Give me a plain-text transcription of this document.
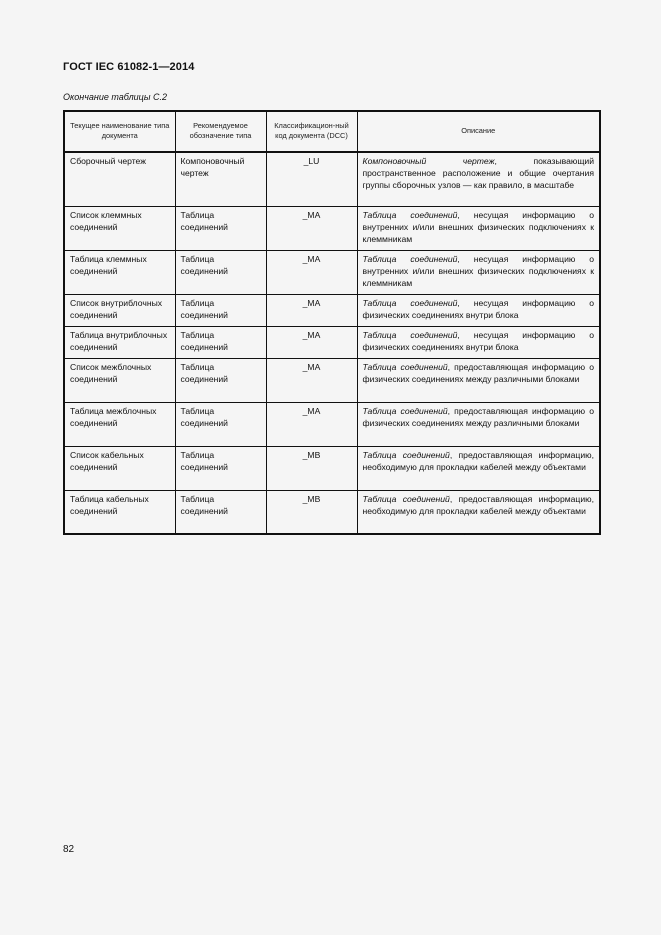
ГОСТ IEC 61082-1—2014
Окончание таблицы С.2
Текущее наименование типа документа	Рекомендуемое обозначение типа	Классификацион-ный код документа (DCC)	Описание
Сборочный чертеж	Компоновочный чертеж	_LU	Компоновочный чертеж, показывающий пространственное расположение и общие очертания группы сборочных узлов — как правило, в масштабе
Список клеммных соединений	Таблица соединений	_MA	Таблица соединений, несущая информацию о внутренних и/или внешних физических подключениях к клеммникам
Таблица клеммных соединений	Таблица соединений	_MA	Таблица соединений, несущая информацию о внутренних и/или внешних физических подключениях к клеммникам
Список внутриблочных соединений	Таблица соединений	_MA	Таблица соединений, несущая информацию о физических соединениях внутри блока
Таблица внутриблочных соединений	Таблица соединений	_MA	Таблица соединений, несущая информацию о физических соединениях внутри блока
Список межблочных соединений	Таблица соединений	_MA	Таблица соединений, предоставляющая информацию о физических соединениях между различными блоками
Таблица межблочных соединений	Таблица соединений	_MA	Таблица соединений, предоставляющая информацию о физических соединениях между различными блоками
Список кабельных соединений	Таблица соединений	_MB	Таблица соединений, предоставляющая информацию, необходимую для прокладки кабелей между объектами
Таблица кабельных соединений	Таблица соединений	_MB	Таблица соединений, предоставляющая информацию, необходимую для прокладки кабелей между объектами
82
